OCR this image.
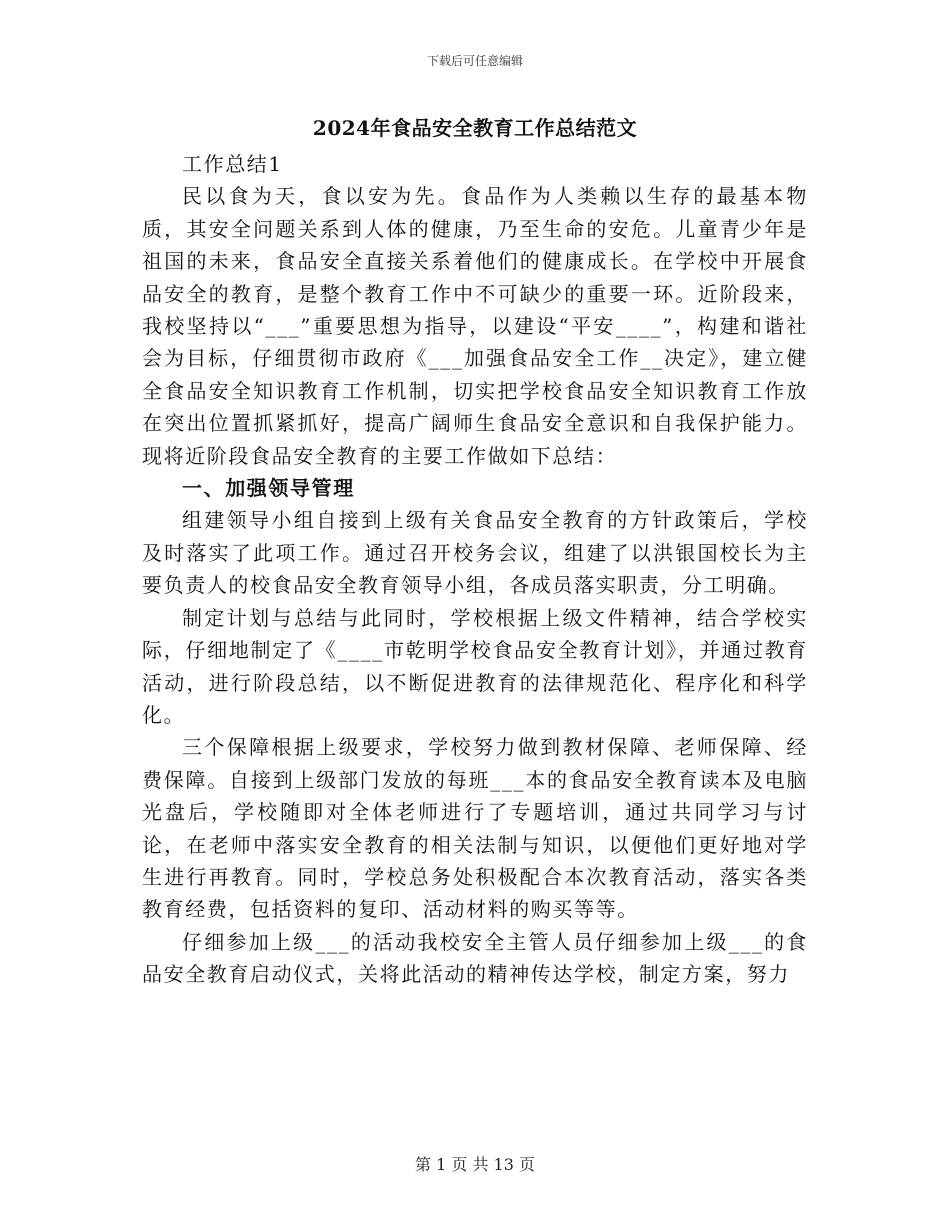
下载后可任意编辑
2024年食品安全教育工作总结范文

工作总结1

民以食为天，食以安为先。食品作为人类赖以生存的最基本物质，其安全问题关系到人体的健康，乃至生命的安危。儿童青少年是祖国的未来，食品安全直接关系着他们的健康成长。在学校中开展食品安全的教育，是整个教育工作中不可缺少的重要一环。近阶段来，我校坚持以“___”重要思想为指导，以建设“平安____”，构建和谐社会为目标，仔细贯彻市政府《___加强食品安全工作__决定》，建立健全食品安全知识教育工作机制，切实把学校食品安全知识教育工作放在突出位置抓紧抓好，提高广阔师生食品安全意识和自我保护能力。现将近阶段食品安全教育的主要工作做如下总结：

一、加强领导管理

组建领导小组自接到上级有关食品安全教育的方针政策后，学校及时落实了此项工作。通过召开校务会议，组建了以洪银国校长为主要负责人的校食品安全教育领导小组，各成员落实职责，分工明确。

制定计划与总结与此同时，学校根据上级文件精神，结合学校实际，仔细地制定了《____市乾明学校食品安全教育计划》，并通过教育活动，进行阶段总结，以不断促进教育的法律规范化、程序化和科学化。

三个保障根据上级要求，学校努力做到教材保障、老师保障、经费保障。自接到上级部门发放的每班___本的食品安全教育读本及电脑光盘后，学校随即对全体老师进行了专题培训，通过共同学习与讨论，在老师中落实安全教育的相关法制与知识，以便他们更好地对学生进行再教育。同时，学校总务处积极配合本次教育活动，落实各类教育经费，包括资料的复印、活动材料的购买等等。

仔细参加上级___的活动我校安全主管人员仔细参加上级___的食品安全教育启动仪式，关将此活动的精神传达学校，制定方案，努力

第 1 页 共 13 页
